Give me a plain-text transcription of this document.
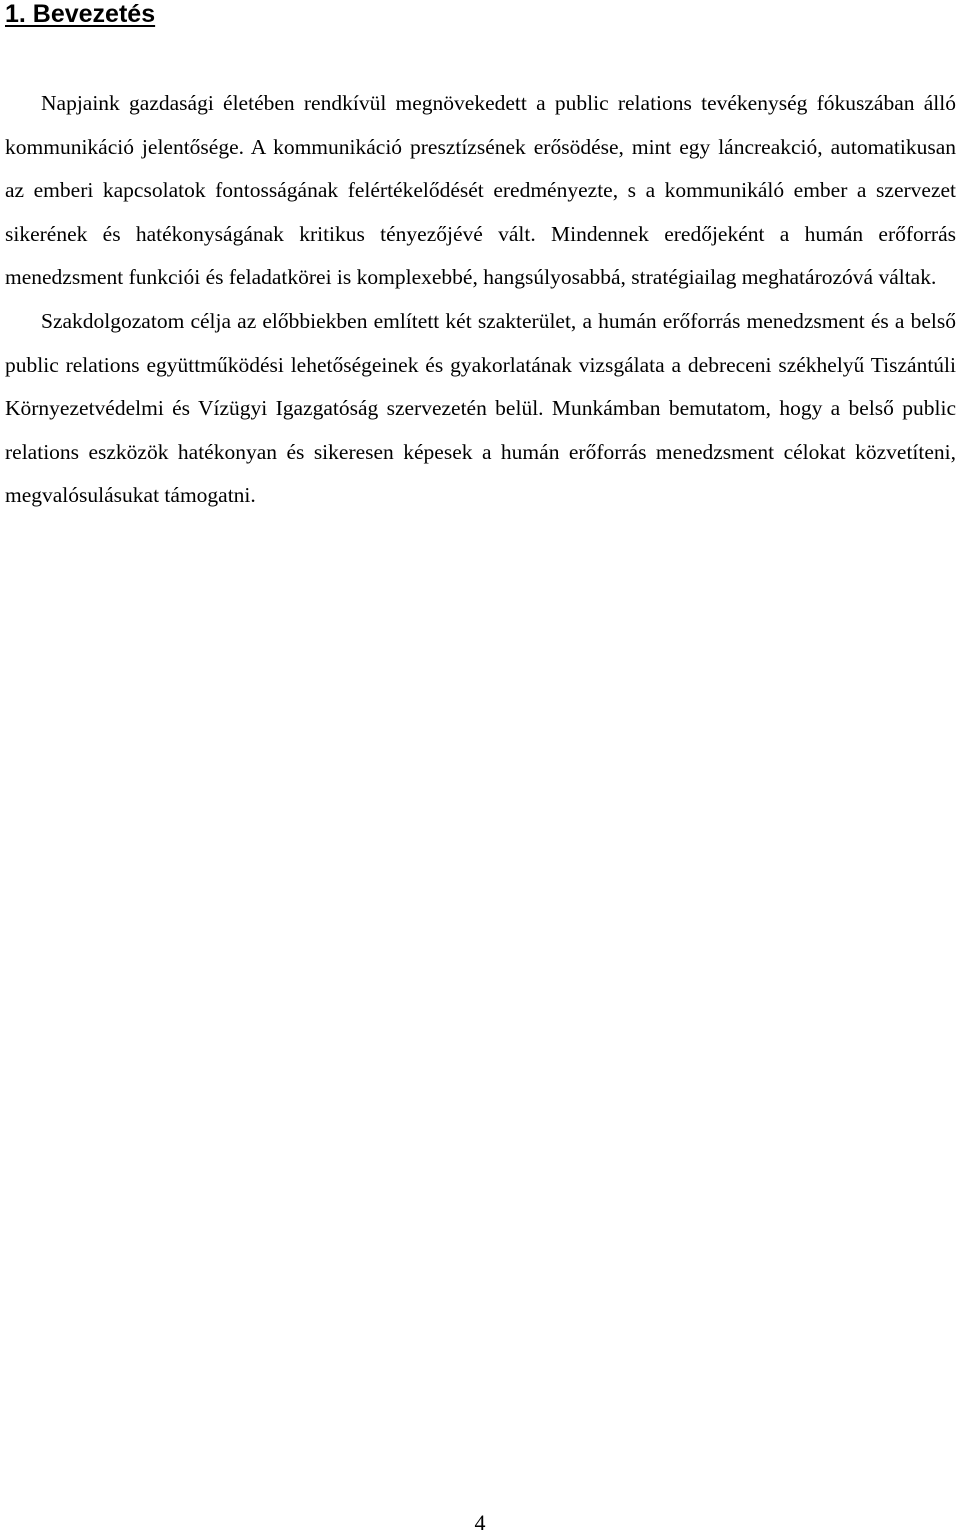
1. Bevezetés

Napjaink gazdasági életében rendkívül megnövekedett a public relations tevékenység fókuszában álló kommunikáció jelentősége. A kommunikáció presztízsének erősödése, mint egy láncreakció, automatikusan az emberi kapcsolatok fontosságának felértékelődését eredményezte, s a kommunikáló ember a szervezet sikerének és hatékonyságának kritikus tényezőjévé vált. Mindennek eredőjeként a humán erőforrás menedzsment funkciói és feladatkörei is komplexebbé, hangsúlyosabbá, stratégiailag meghatározóvá váltak.

Szakdolgozatom célja az előbbiekben említett két szakterület, a humán erőforrás menedzsment és a belső public relations együttműködési lehetőségeinek és gyakorlatának vizsgálata a debreceni székhelyű Tiszántúli Környezetvédelmi és Vízügyi Igazgatóság szervezetén belül. Munkámban bemutatom, hogy a belső public relations eszközök hatékonyan és sikeresen képesek a humán erőforrás menedzsment célokat közvetíteni, megvalósulásukat támogatni.

4
